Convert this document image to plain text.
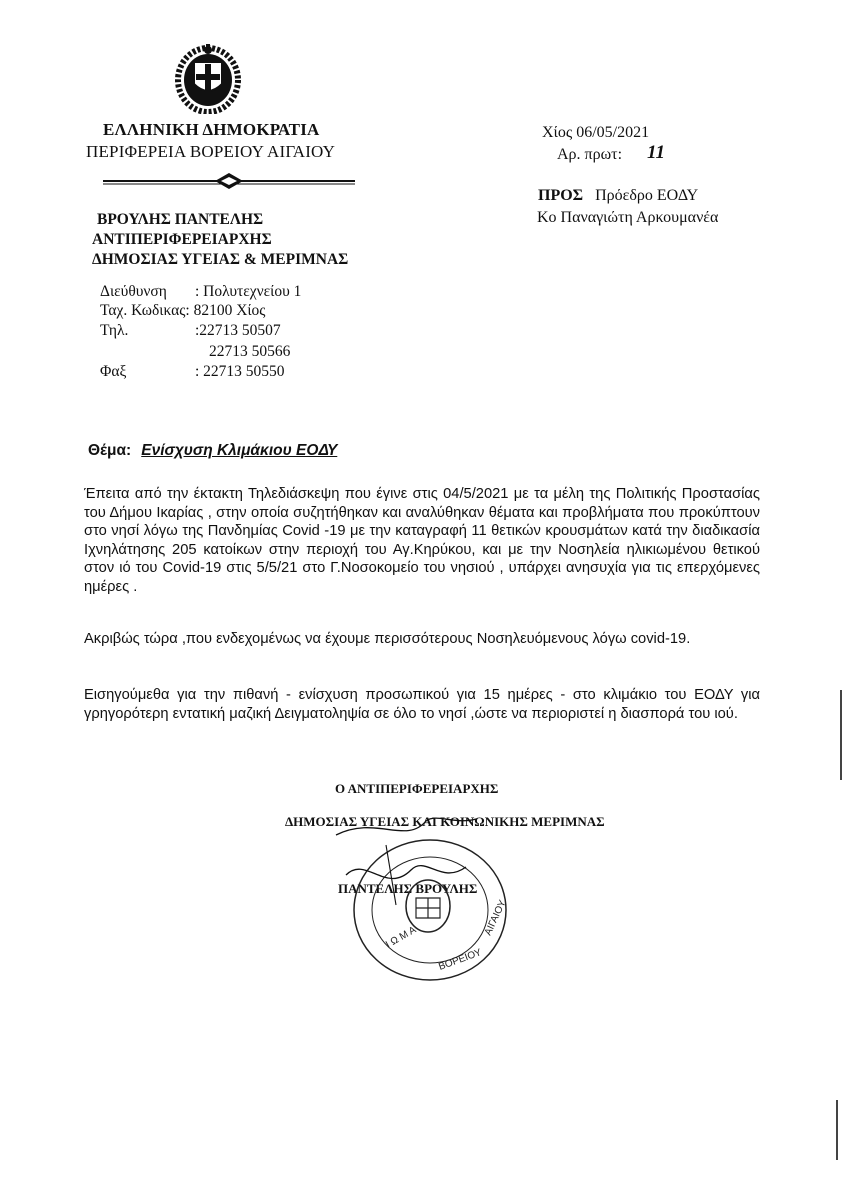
ΕΛΛΗΝΙΚΗ ΔΗΜΟΚΡΑΤΙΑ
ΠΕΡΙΦΕΡΕΙΑ ΒΟΡΕΙΟΥ ΑΙΓΑΙΟΥ
ΒΡΟΥΛΗΣ ΠΑΝΤΕΛΗΣ
ΑΝΤΙΠΕΡΙΦΕΡΕΙΑΡΧΗΣ
ΔΗΜΟΣΙΑΣ ΥΓΕΙΑΣ & ΜΕΡΙΜΝΑΣ
Διεύθυνση : Πολυτεχνείου 1
Ταχ. Κωδικας: 82100 Χίος
Τηλ.	:22713 50507
22713 50566
Φαξ	: 22713 50550
Χίος 06/05/2021
Αρ. πρωτ: 11
ΠΡΟΣ Πρόεδρο ΕΟΔΥ
Κο Παναγιώτη Αρκουμανέα
Θέμα: Ενίσχυση Κλιμάκιου ΕΟΔΥ
Έπειτα από την έκτακτη Τηλεδιάσκεψη που έγινε στις 04/5/2021 με τα μέλη της Πολιτικής Προστασίας του Δήμου Ικαρίας , στην οποία συζητήθηκαν και αναλύθηκαν θέματα και προβλήματα που προκύπτουν στο νησί λόγω της Πανδημίας Covid -19 με την καταγραφή 11 θετικών κρουσμάτων κατά την διαδικασία Ιχνηλάτησης 205 κατοίκων στην περιοχή του Αγ.Κηρύκου, και με την Νοσηλεία ηλικιωμένου θετικού στον ιό του Covid-19 στις 5/5/21 στο Γ.Νοσοκομείο του νησιού , υπάρχει ανησυχία για τις επερχόμενες ημέρες .
Ακριβώς τώρα ,που ενδεχομένως να έχουμε περισσότερους Νοσηλευόμενους λόγω covid-19.
Εισηγούμεθα για την πιθανή - ενίσχυση προσωπικού για 15 ημέρες - στο κλιμάκιο του ΕΟΔΥ για γρηγορότερη εντατική μαζική Δειγματοληψία σε όλο το νησί ,ώστε να περιοριστεί η διασπορά του ιού.
Ο ΑΝΤΙΠΕΡΙΦΕΡΕΙΑΡΧΗΣ
ΔΗΜΟΣΙΑΣ ΥΓΕΙΑΣ ΚΑΙ ΚΟΙΝΩΝΙΚΗΣ ΜΕΡΙΜΝΑΣ
ΠΑΝΤΕΛΗΣ ΒΡΟΥΛΗΣ
Ι Ω Μ Α
ΒΟΡΕΙΟΥ
ΑΙΓΑΙΟΥ
